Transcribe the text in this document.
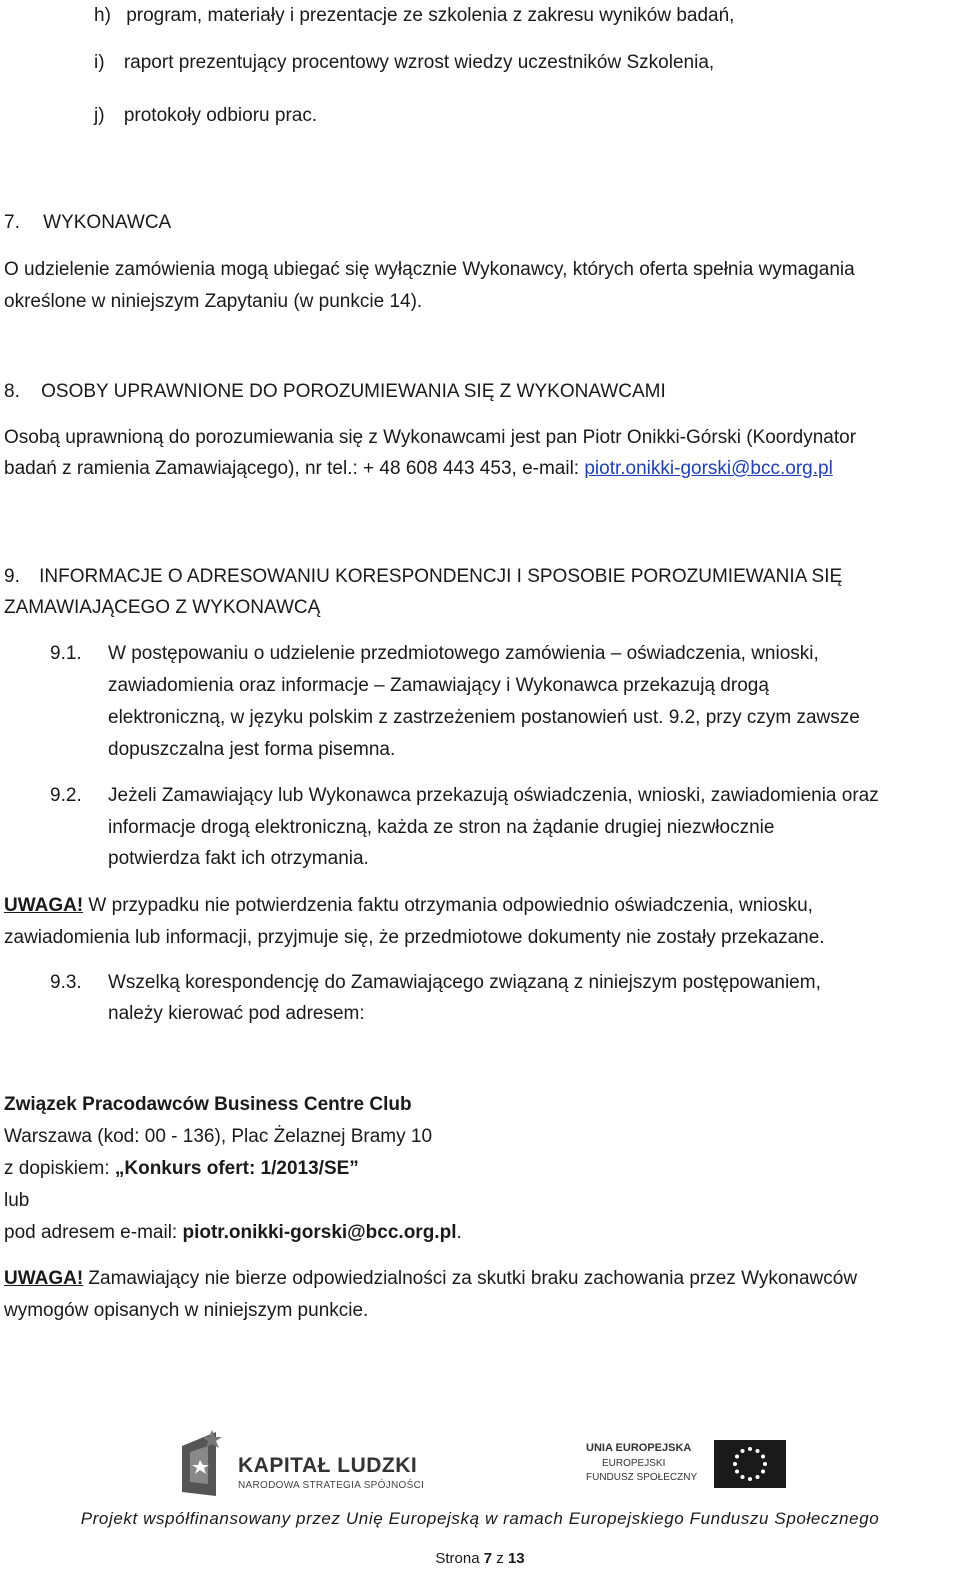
h) program, materiały i prezentacje ze szkolenia z zakresu wyników badań,
i) raport prezentujący procentowy wzrost wiedzy uczestników Szkolenia,
j) protokoły odbioru prac.
7. WYKONAWCA
O udzielenie zamówienia mogą ubiegać się wyłącznie Wykonawcy, których oferta spełnia wymagania
określone w niniejszym Zapytaniu (w punkcie 14).
8. OSOBY UPRAWNIONE DO POROZUMIEWANIA SIĘ Z WYKONAWCAMI
Osobą uprawnioną do porozumiewania się z Wykonawcami jest pan Piotr Onikki-Górski (Koordynator
badań z ramienia Zamawiającego), nr tel.: + 48 608 443 453, e-mail: piotr.onikki-gorski@bcc.org.pl
9. INFORMACJE O ADRESOWANIU KORESPONDENCJI I SPOSOBIE POROZUMIEWANIA SIĘ
ZAMAWIAJĄCEGO Z WYKONAWCĄ
9.1. W postępowaniu o udzielenie przedmiotowego zamówienia – oświadczenia, wnioski,
zawiadomienia oraz informacje – Zamawiający i Wykonawca przekazują drogą
elektroniczną, w języku polskim z zastrzeżeniem postanowień ust. 9.2, przy czym zawsze
dopuszczalna jest forma pisemna.
9.2. Jeżeli Zamawiający lub Wykonawca przekazują oświadczenia, wnioski, zawiadomienia oraz
informacje drogą elektroniczną, każda ze stron na żądanie drugiej niezwłocznie
potwierdza fakt ich otrzymania.
UWAGA! W przypadku nie potwierdzenia faktu otrzymania odpowiednio oświadczenia, wniosku,
zawiadomienia lub informacji, przyjmuje się, że przedmiotowe dokumenty nie zostały przekazane.
9.3. Wszelką korespondencję do Zamawiającego związaną z niniejszym postępowaniem,
należy kierować pod adresem:
Związek Pracodawców Business Centre Club
Warszawa (kod: 00 - 136), Plac Żelaznej Bramy 10
z dopiskiem: „Konkurs ofert: 1/2013/SE”
lub
pod adresem e-mail: piotr.onikki-gorski@bcc.org.pl.
UWAGA! Zamawiający nie bierze odpowiedzialności za skutki braku zachowania przez Wykonawców
wymogów opisanych w niniejszym punkcie.
KAPITAŁ LUDZKI
NARODOWA STRATEGIA SPÓJNOŚCI
UNIA EUROPEJSKA
EUROPEJSKI
FUNDUSZ SPOŁECZNY
Projekt współfinansowany przez Unię Europejską w ramach Europejskiego Funduszu Społecznego
Strona 7 z 13
